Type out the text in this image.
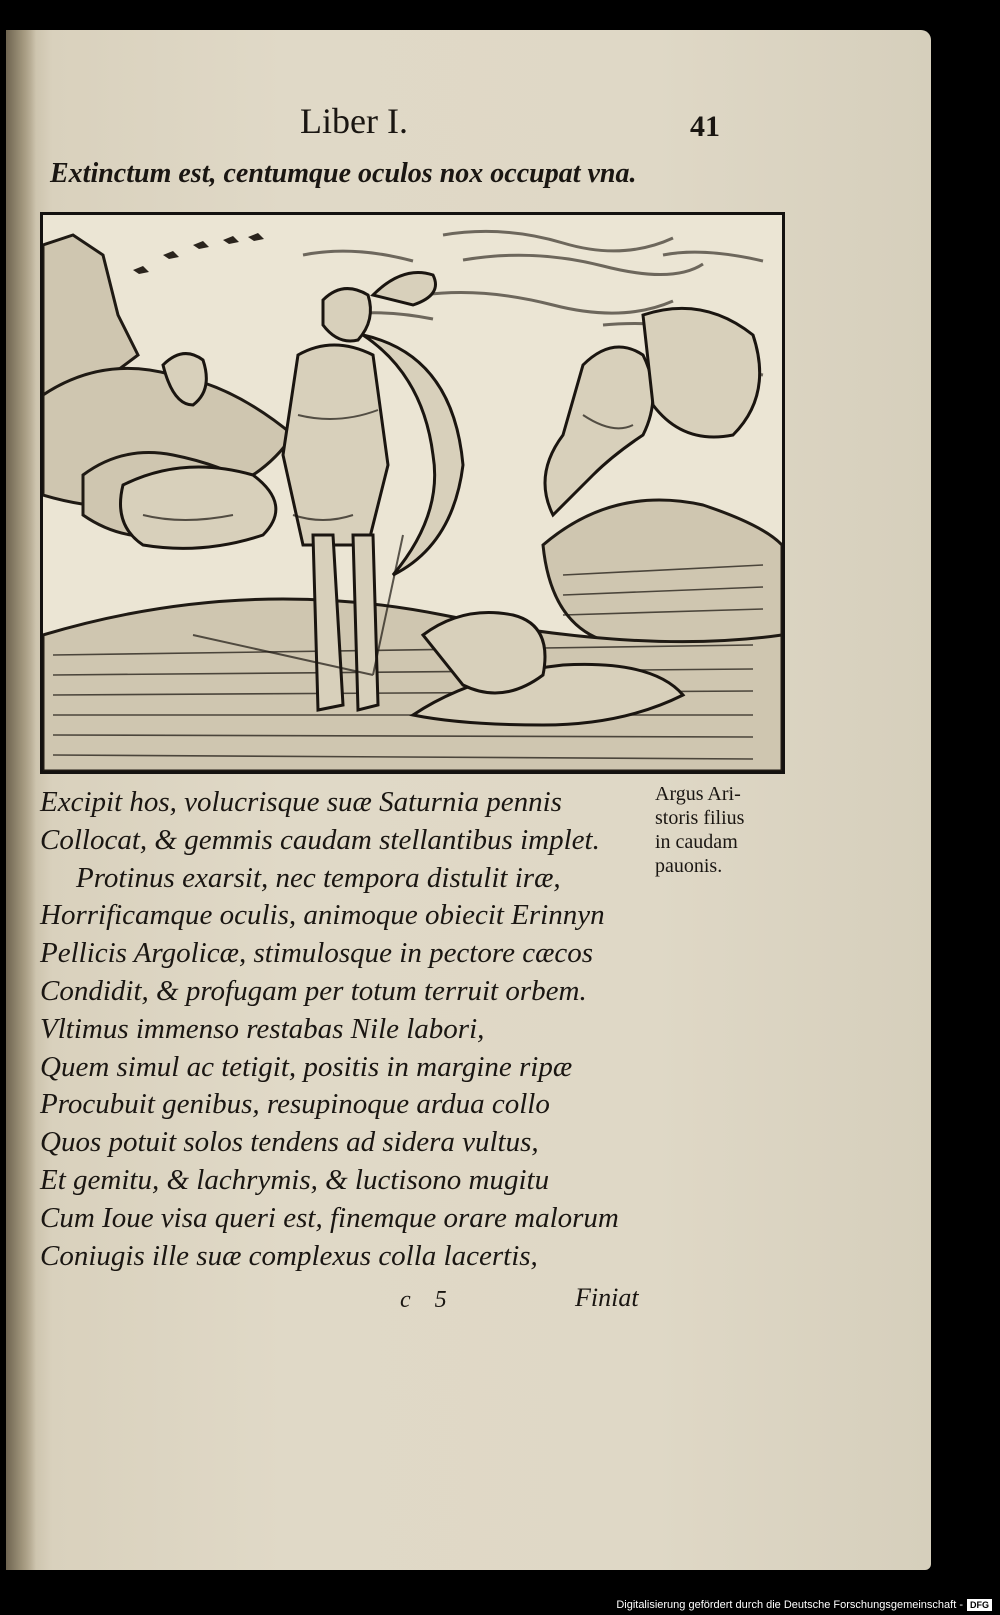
Liber I.	41
Extinctum est, centumque oculos nox occupat vna.
Excipit hos, volucrisque suæ Saturnia pennis
Collocat, & gemmis caudam stellantibus implet.
Protinus exarsit, nec tempora distulit iræ,
Horrificamque oculis, animoque obiecit Erinnyn
Pellicis Argolicæ, stimulosque in pectore cæcos
Condidit, & profugam per totum terruit orbem.
Vltimus immenso restabas Nile labori,
Quem simul ac tetigit, positis in margine ripæ
Procubuit genibus, resupinoque ardua collo
Quos potuit solos tendens ad sidera vultus,
Et gemitu, & lachrymis, & luctisono mugitu
Cum Ioue visa queri est, finemque orare malorum
Coniugis ille suæ complexus colla lacertis,
Argus Ari-
storis filius
in caudam
pauonis.
c 5	Finiat
Digitalisierung gefördert durch die Deutsche Forschungsgemeinschaft - DFG
